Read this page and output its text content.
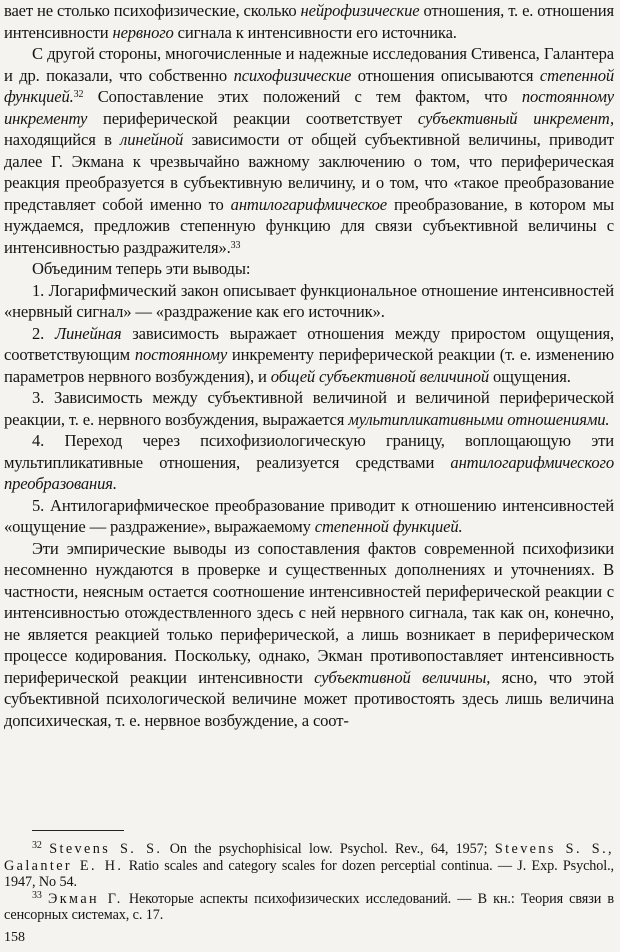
вает не столько психофизические, сколько нейрофизические отношения, т. е. отношения интенсивности нервного сигнала к интенсивности его источника.

С другой стороны, многочисленные и надежные исследования Стивенса, Галантера и др. показали, что собственно психофизические отношения описываются степенной функцией.$^{32}$ Сопоставление этих положений с тем фактом, что постоянному инкременту периферической реакции соответствует субъективный инкремент, находящийся в линейной зависимости от общей субъективной величины, приводит далее Г. Экмана к чрезвычайно важному заключению о том, что периферическая реакция преобразуется в субъективную величину, и о том, что «такое преобразование представляет собой именно то антилогарифмическое преобразование, в котором мы нуждаемся, предложив степенную функцию для связи субъективной величины с интенсивностью раздражителя».$^{33}$

Объединим теперь эти выводы:

1. Логарифмический закон описывает функциональное отношение интенсивностей «нервный сигнал» — «раздражение как его источник».

2. Линейная зависимость выражает отношения между приростом ощущения, соответствующим постоянному инкременту периферической реакции (т. е. изменению параметров нервного возбуждения), и общей субъективной величиной ощущения.

3. Зависимость между субъективной величиной и величиной периферической реакции, т. е. нервного возбуждения, выражается мультипликативными отношениями.

4. Переход через психофизиологическую границу, воплощающую эти мультипликативные отношения, реализуется средствами антилогарифмического преобразования.

5. Антилогарифмическое преобразование приводит к отношению интенсивностей «ощущение — раздражение», выражаемому степенной функцией.

Эти эмпирические выводы из сопоставления фактов современной психофизики несомненно нуждаются в проверке и существенных дополнениях и уточнениях. В частности, неясным остается соотношение интенсивностей периферической реакции с интенсивностью отождествленного здесь с ней нервного сигнала, так как он, конечно, не является реакцией только периферической, а лишь возникает в периферическом процессе кодирования. Поскольку, однако, Экман противопоставляет интенсивность периферической реакции интенсивности субъективной величины, ясно, что этой субъективной психологической величине может противостоять здесь лишь величина допсихическая, т. е. нервное возбуждение, а соот-

$^{32}$ Stevens S. S. On the psychophisical low. Psychol. Rev., 64, 1957; Stevens S. S., Galanter E. H. Ratio scales and category scales for dozen perceptial continua. — J. Exp. Psychol., 1947, No 54.

$^{33}$ Экман Г. Некоторые аспекты психофизических исследований. — В кн.: Теория связи в сенсорных системах, с. 17.

158
